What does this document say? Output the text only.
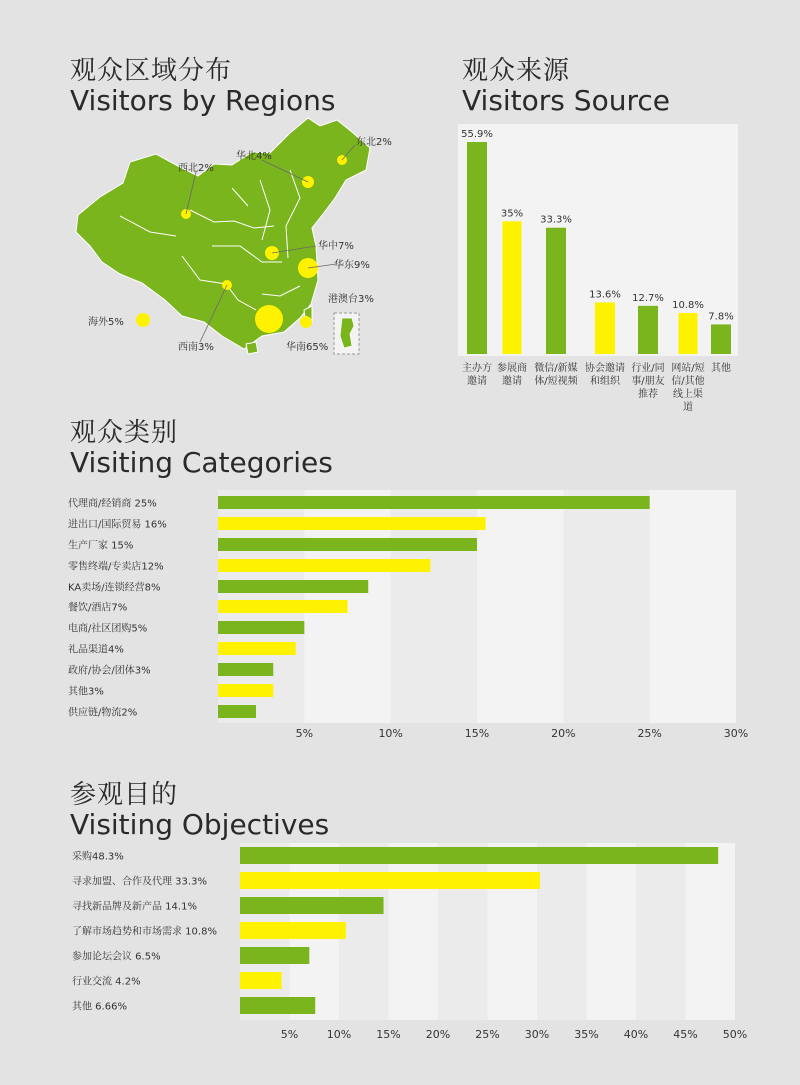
观众区域分布
Visitors by Regions
观众来源
Visitors Source
观众类别
Visiting Categories
参观目的
Visiting Objectives
东北2%
西北2%
华北4%
华中7%
华东9%
港澳台3%
海外5%
西南3%	华南65%
55.9%
主办方
邀请
35%
参展商
邀请
33.3%
微信/新媒
体/短视频
13.6%
协会邀请
和组织
12.7%
行业/同
事/朋友
推荐
10.8%
网站/短
信/其他
线上渠
道
7.8%
其他
代理商/经销商 25%
进出口/国际贸易 16%
生产厂家 15%
零售终端/专卖店12%
KA卖场/连锁经营8%
餐饮/酒店7%
电商/社区团购5%
礼品渠道4%
政府/协会/团体3%
其他3%
供应链/物流2%
5%	10%	15%	20%	25%	30%
采购48.3%
寻求加盟、合作及代理 33.3%
寻找新品牌及新产品 14.1%
了解市场趋势和市场需求 10.8%
参加论坛会议 6.5%
行业交流 4.2%
其他 6.66%
5%	10% 15% 20% 25% 30% 35% 40% 45% 50%
